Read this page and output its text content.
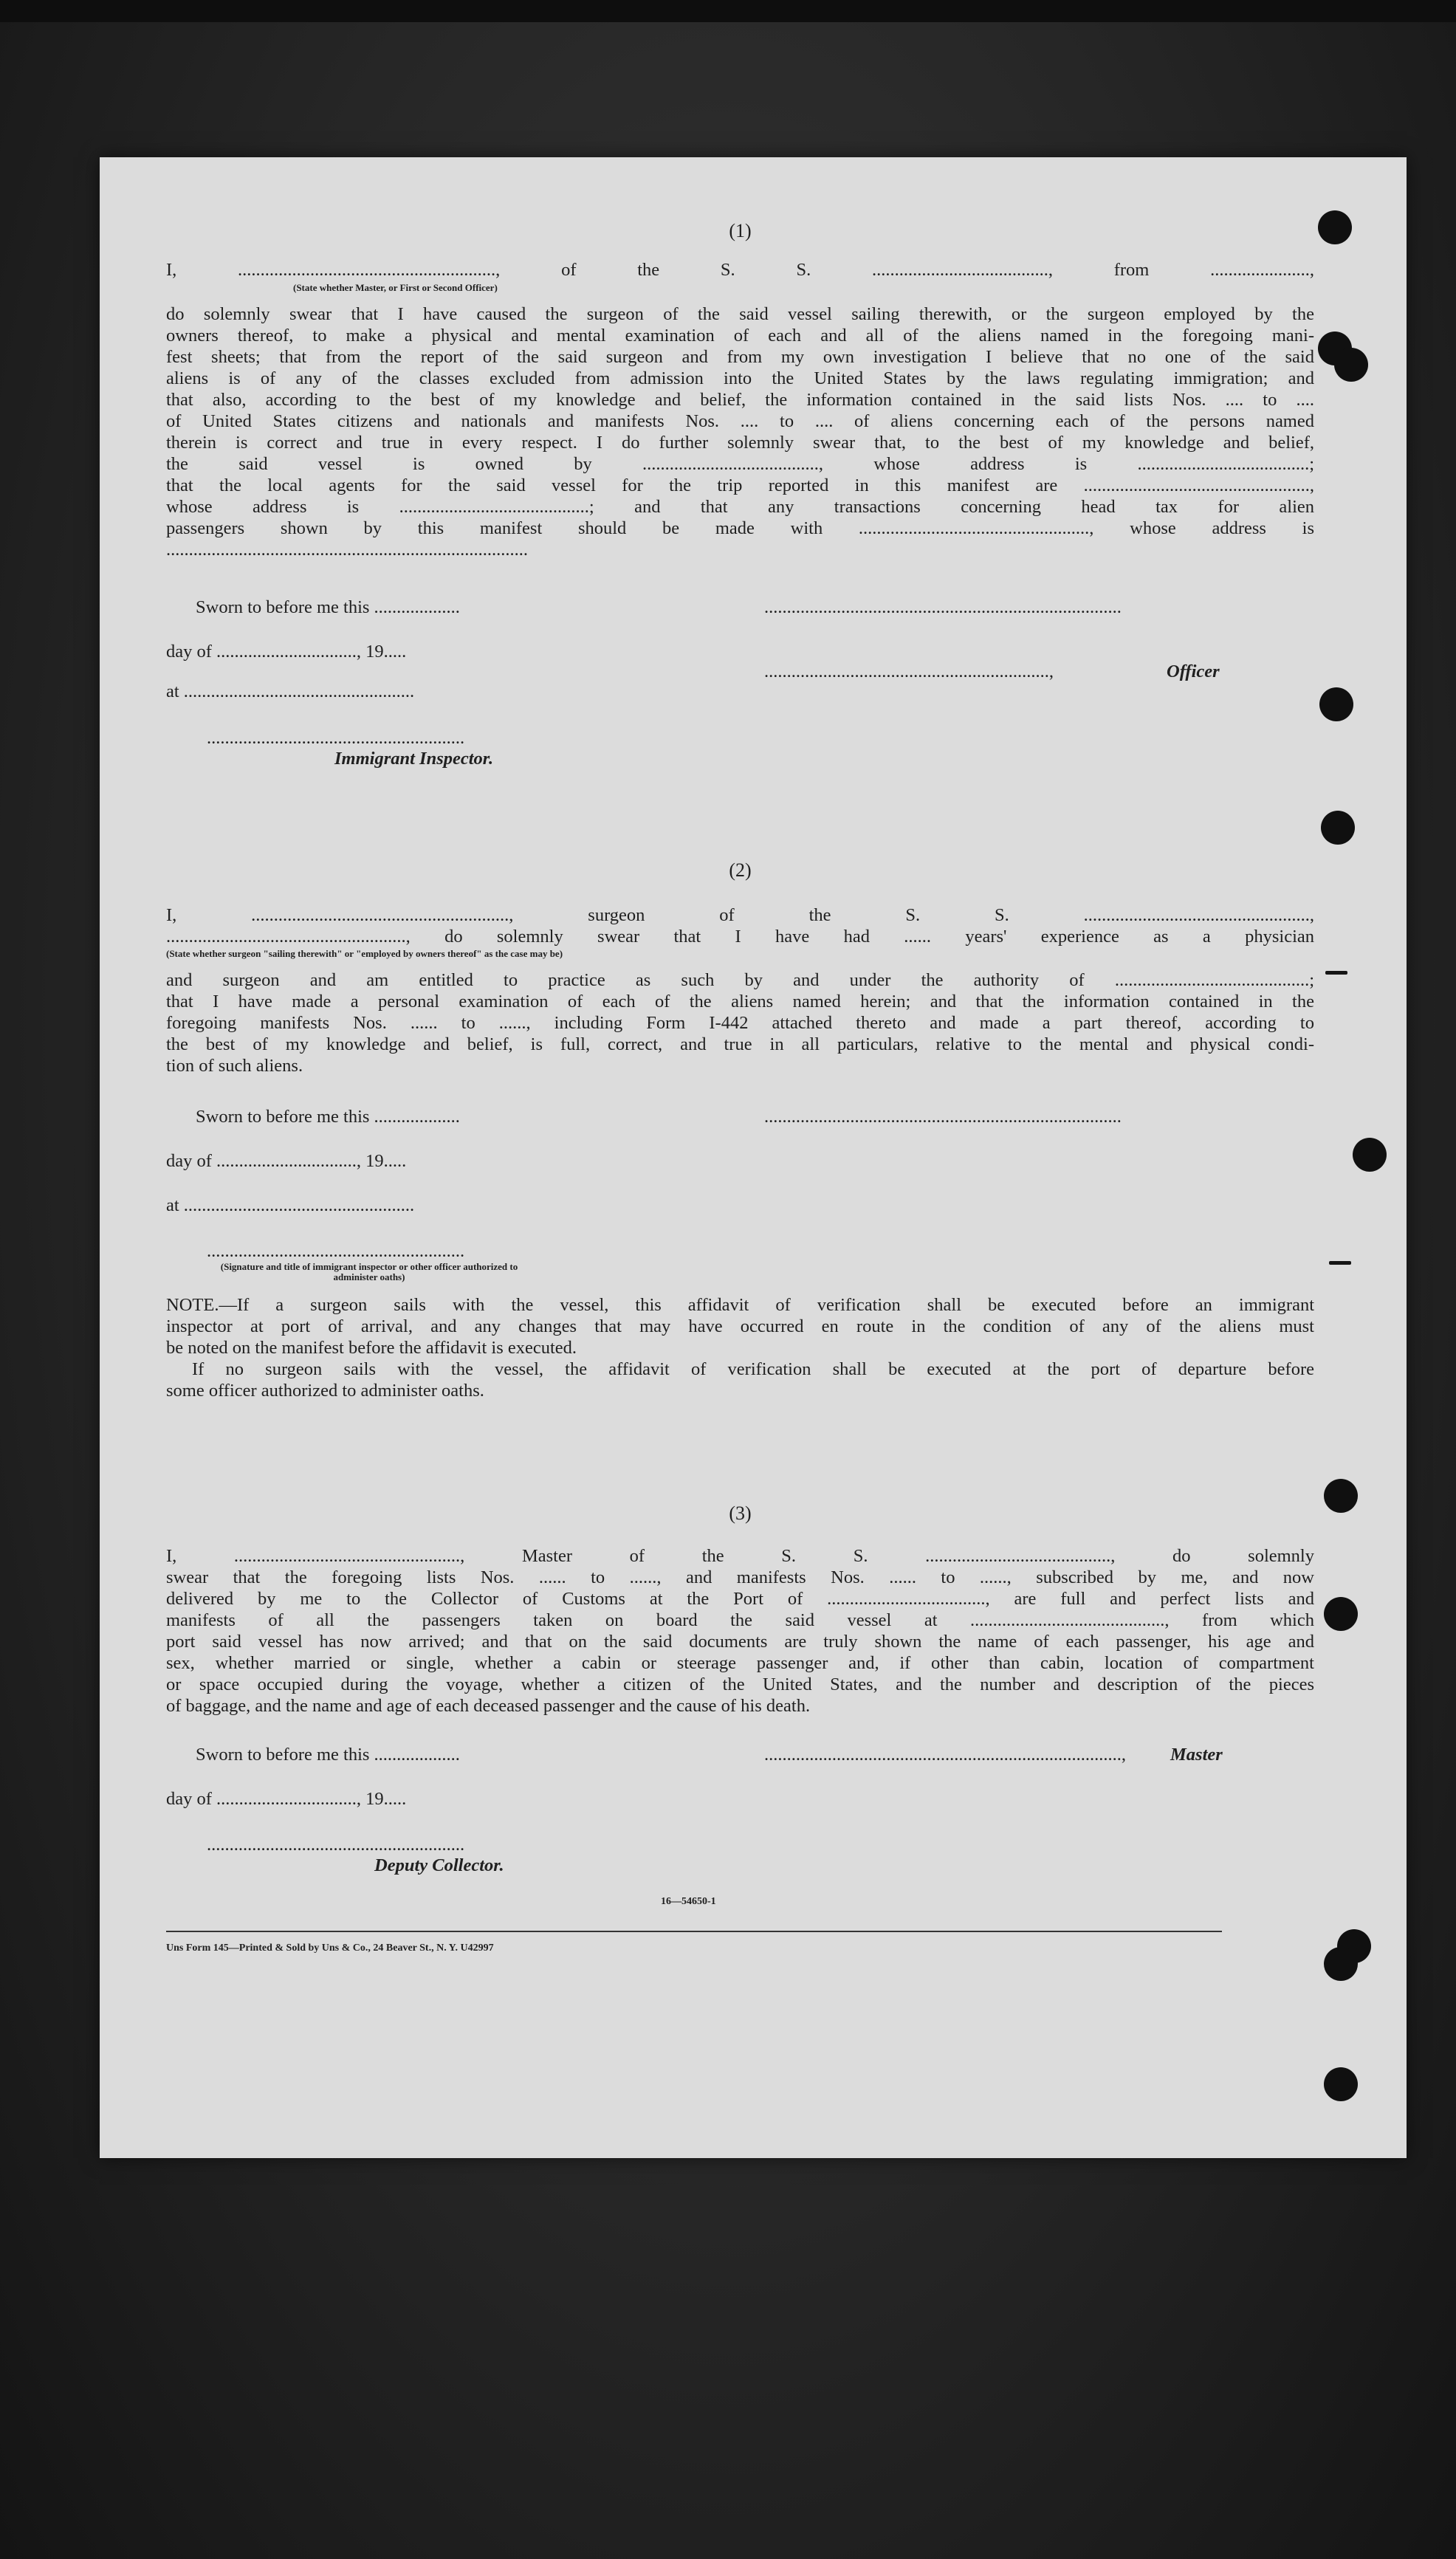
(1)
I, ........................................................., of the S. S. ......................................., from ......................,
(State whether Master, or First or Second Officer)
do solemnly swear that I have caused the surgeon of the said vessel sailing therewith, or the surgeon employed by the
owners thereof, to make a physical and mental examination of each and all of the aliens named in the foregoing mani-
fest sheets; that from the report of the said surgeon and from my own investigation I believe that no one of the said
aliens is of any of the classes excluded from admission into the United States by the laws regulating immigration; and
that also, according to the best of my knowledge and belief, the information contained in the said lists Nos. .... to ....
of United States citizens and nationals and manifests Nos. .... to .... of aliens concerning each of the persons named
therein is correct and true in every respect. I do further solemnly swear that, to the best of my knowledge and belief,
the said vessel is owned by ......................................., whose address is ......................................;
that the local agents for the said vessel for the trip reported in this manifest are ..................................................,
whose address is ..........................................; and that any transactions concerning head tax for alien
passengers shown by this manifest should be made with ..................................................., whose address is
................................................................................
Sworn to before me this ...................	...............................................................................
day of ..............................., 19.....
...............................................................,	Officer
at ...................................................
.........................................................
Immigrant Inspector.
(2)
I, ........................................................., surgeon of the S. S. ..................................................,
....................................................., do solemnly swear that I have had ...... years' experience as a physician
(State whether surgeon "sailing therewith" or "employed by owners thereof" as the case may be)
and surgeon and am entitled to practice as such by and under the authority of ...........................................;
that I have made a personal examination of each of the aliens named herein; and that the information contained in the
foregoing manifests Nos. ...... to ......, including Form I-442 attached thereto and made a part thereof, according to
the best of my knowledge and belief, is full, correct, and true in all particulars, relative to the mental and physical condi-
tion of such aliens.
Sworn to before me this ...................	...............................................................................
day of ..............................., 19.....
at ...................................................
.........................................................
(Signature and title of immigrant inspector or other officer authorized to administer oaths)
NOTE.—If a surgeon sails with the vessel, this affidavit of verification shall be executed before an immigrant
inspector at port of arrival, and any changes that may have occurred en route in the condition of any of the aliens must
be noted on the manifest before the affidavit is executed.
If no surgeon sails with the vessel, the affidavit of verification shall be executed at the port of departure before
some officer authorized to administer oaths.
(3)
I, .................................................., Master of the S. S. ........................................., do solemnly
swear that the foregoing lists Nos. ...... to ......, and manifests Nos. ...... to ......, subscribed by me, and now
delivered by me to the Collector of Customs at the Port of ..................................., are full and perfect lists and
manifests of all the passengers taken on board the said vessel at ..........................................., from which
port said vessel has now arrived; and that on the said documents are truly shown the name of each passenger, his age and
sex, whether married or single, whether a cabin or steerage passenger and, if other than cabin, location of compartment
or space occupied during the voyage, whether a citizen of the United States, and the number and description of the pieces
of baggage, and the name and age of each deceased passenger and the cause of his death.
Sworn to before me this ...................	..............................................................................., Master
day of ..............................., 19.....
.........................................................
Deputy Collector.
16—54650-1
Uns Form 145—Printed & Sold by Uns & Co., 24 Beaver St., N. Y. U42997
